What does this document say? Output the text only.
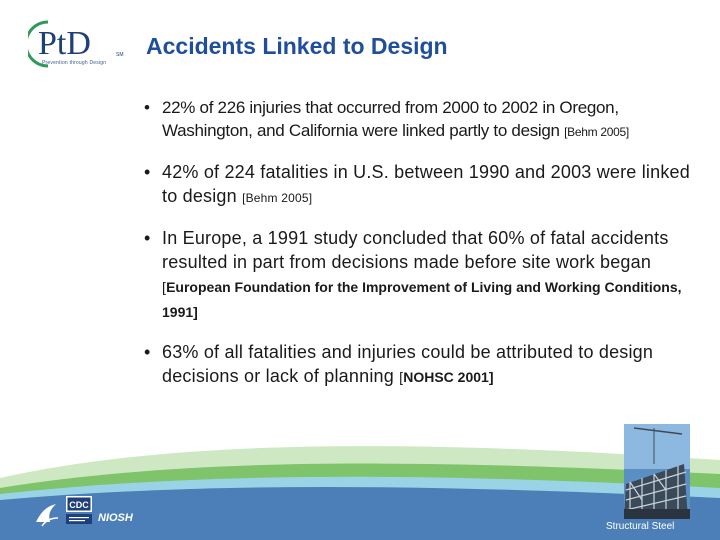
PtD	SM
Prevention through Design
Accidents Linked to Design
• 22% of 226 injuries that occurred from 2000 to 2002 in Oregon, Washington, and California were linked partly to design [Behm 2005]
• 42% of 224 fatalities in U.S. between 1990 and 2003 were linked to design [Behm 2005]
• In Europe, a 1991 study concluded that 60% of fatal accidents resulted in part from decisions made before site work began [European Foundation for the Improvement of Living and Working Conditions, 1991]
• 63% of all fatalities and injuries could be attributed to design decisions or lack of planning [NOHSC 2001]
CDC
NIOSH
Structural Steel
